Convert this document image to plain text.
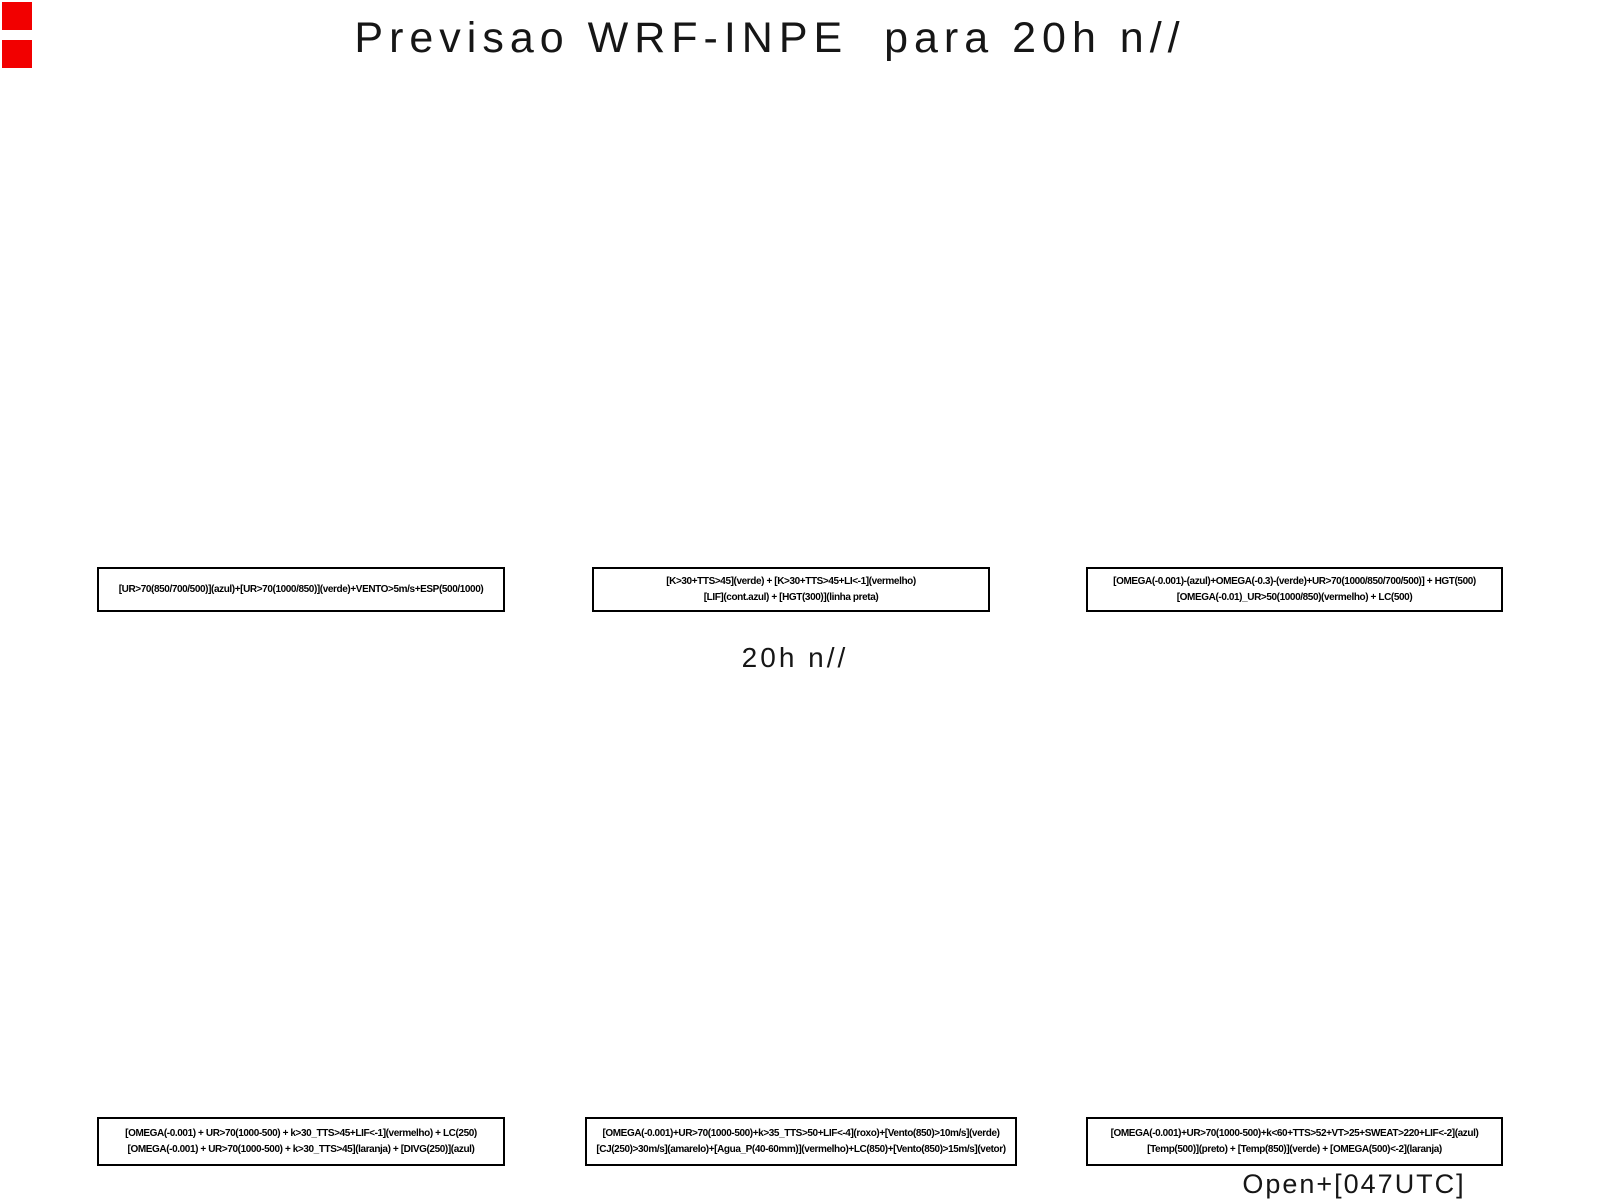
Previsao WRF-INPE  para 20h n//
[UR>70(850/700/500)](azul)+[UR>70(1000/850)](verde)+VENTO>5m/s+ESP(500/1000)
[K>30+TTS>45](verde) + [K>30+TTS>45+LI<-1](vermelho)
[LIF](cont.azul) + [HGT(300)](linha preta)
[OMEGA(-0.001)-(azul)+OMEGA(-0.3)-(verde)+UR>70(1000/850/700/500)] + HGT(500)
[OMEGA(-0.01)_UR>50(1000/850)(vermelho) + LC(500)
20h n//
[OMEGA(-0.001) + UR>70(1000-500) + k>30_TTS>45+LIF<-1](vermelho) + LC(250)
[OMEGA(-0.001) + UR>70(1000-500) + k>30_TTS>45](laranja) + [DIVG(250)](azul)
[OMEGA(-0.001)+UR>70(1000-500)+k>35_TTS>50+LIF<-4](roxo)+[Vento(850)>10m/s](verde)
[CJ(250)>30m/s](amarelo)+[Agua_P(40-60mm)](vermelho)+LC(850)+[Vento(850)>15m/s](vetor)
[OMEGA(-0.001)+UR>70(1000-500)+k<60+TTS>52+VT>25+SWEAT>220+LIF<-2](azul)
[Temp(500)](preto) + [Temp(850)](verde) + [OMEGA(500)<-2](laranja)
Open+[047UTC]
